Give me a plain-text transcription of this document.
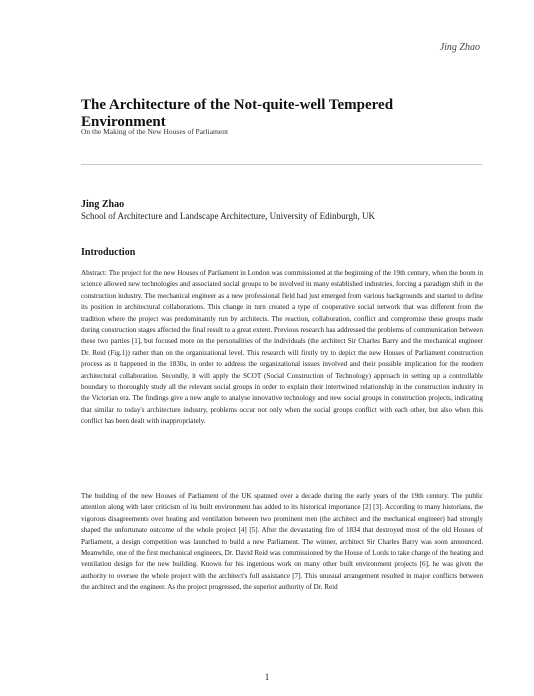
Jing Zhao
The Architecture of the Not-quite-well Tempered Environment
On the Making of the New Houses of Parliament
Jing Zhao
School of Architecture and Landscape Architecture, University of Edinburgh, UK
Introduction

Abstract: The project for the new Houses of Parliament in London was commissioned at the beginning of the 19th century, when the boom in science allowed new technologies and associated social groups to be involved in many established industries, forcing a paradigm shift in the construction industry. The mechanical engineer as a new professional field had just emerged from various backgrounds and started to define its position in architectural collaborations. This change in turn created a type of cooperative social network that was different from the tradition where the project was predominantly run by architects. The reaction, collaboration, conflict and compromise these groups made during construction stages affected the final result to a great extent. Previous research has addressed the problems of communication between these two parties [1], but focused more on the personalities of the individuals (the architect Sir Charles Barry and the mechanical engineer Dr. Reid (Fig.1)) rather than on the organizational level. This research will firstly try to depict the new Houses of Parliament construction process as it happened in the 1830s, in order to address the organizational issues involved and their possible implication for the modern architectural collaboration. Secondly, it will apply the SCOT (Social Construction of Technology) approach in setting up a controllable boundary to thoroughly study all the relevant social groups in order to explain their intertwined relationship in the construction industry in the Victorian era. The findings give a new angle to analyse innovative technology and new social groups in construction projects, indicating that similar to today's architecture industry, problems occur not only when the social groups conflict with each other, but also when this conflict has been dealt with inappropriately.

The building of the new Houses of Parliament of the UK spanned over a decade during the early years of the 19th century. The public attention along with later criticism of its built environment has added to its historical importance [2] [3]. According to many historians, the vigorous disagreements over heating and ventilation between two prominent men (the architect and the mechanical engineer) had strongly shaped the unfortunate outcome of the whole project [4] [5]. After the devastating fire of 1834 that destroyed most of the old Houses of Parliament, a design competition was launched to build a new Parliament. The winner, architect Sir Charles Barry was soon announced. Meanwhile, one of the first mechanical engineers, Dr. David Reid was commissioned by the House of Lords to take charge of the heating and ventilation design for the new building. Known for his ingenious work on many other built environment projects [6], he was given the authority to oversee the whole project with the architect's full assistance [7]. This unusual arrangement resulted in major conflicts between the architect and the engineer. As the project progressed, the superior authority of Dr. Reid

1
